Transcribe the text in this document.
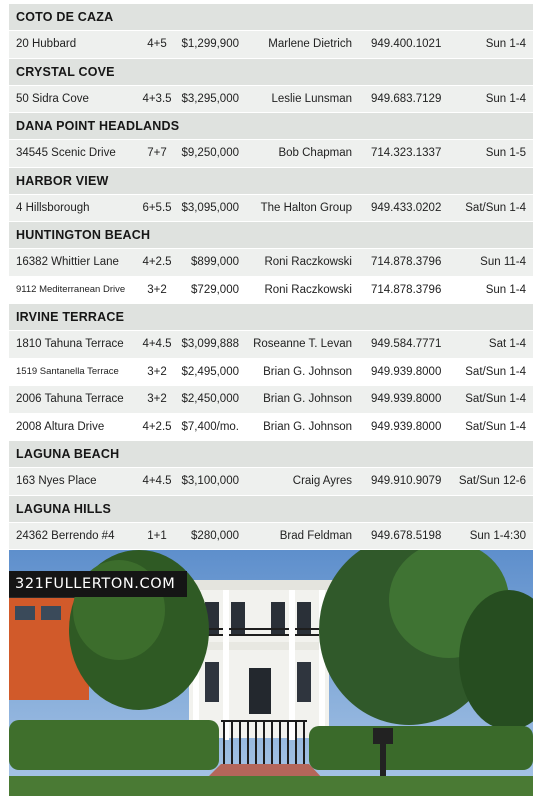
COTO DE CAZA
20 Hubbard	4+5	$1,299,900	Marlene Dietrich 949.400.1021	Sun 1-4
CRYSTAL COVE
50 Sidra Cove	4+3.5 $3,295,000	Leslie Lunsman 949.683.7129	Sun 1-4
DANA POINT HEADLANDS
34545 Scenic Drive	7+7	$9,250,000	Bob Chapman 714.323.1337	Sun 1-5
HARBOR VIEW
4 Hillsborough	6+5.5 $3,095,000	The Halton Group 949.433.0202	Sat/Sun 1-4
HUNTINGTON BEACH
16382 Whittier Lane	4+2.5	$899,000	Roni Raczkowski 714.878.3796	Sun 11-4
9112 Mediterranean Drive	3+2	$729,000	Roni Raczkowski 714.878.3796	Sun 1-4
IRVINE TERRACE
1810 Tahuna Terrace	4+4.5 $3,099,888	Roseanne T. Levan 949.584.7771	Sat 1-4
1519 Santanella Terrace	3+2	$2,495,000	Brian G. Johnson 949.939.8000	Sat/Sun 1-4
2006 Tahuna Terrace	3+2	$2,450,000	Brian G. Johnson 949.939.8000	Sat/Sun 1-4
2008 Altura Drive	4+2.5 $7,400/mo.	Brian G. Johnson 949.939.8000	Sat/Sun 1-4
LAGUNA BEACH
163 Nyes Place	4+4.5 $3,100,000	Craig Ayres 949.910.9079	Sat/Sun 12-6
LAGUNA HILLS
24362 Berrendo #4	1+1	$280,000	Brad Feldman 949.678.5198	Sun 1-4:30
321FULLERTON.COM
